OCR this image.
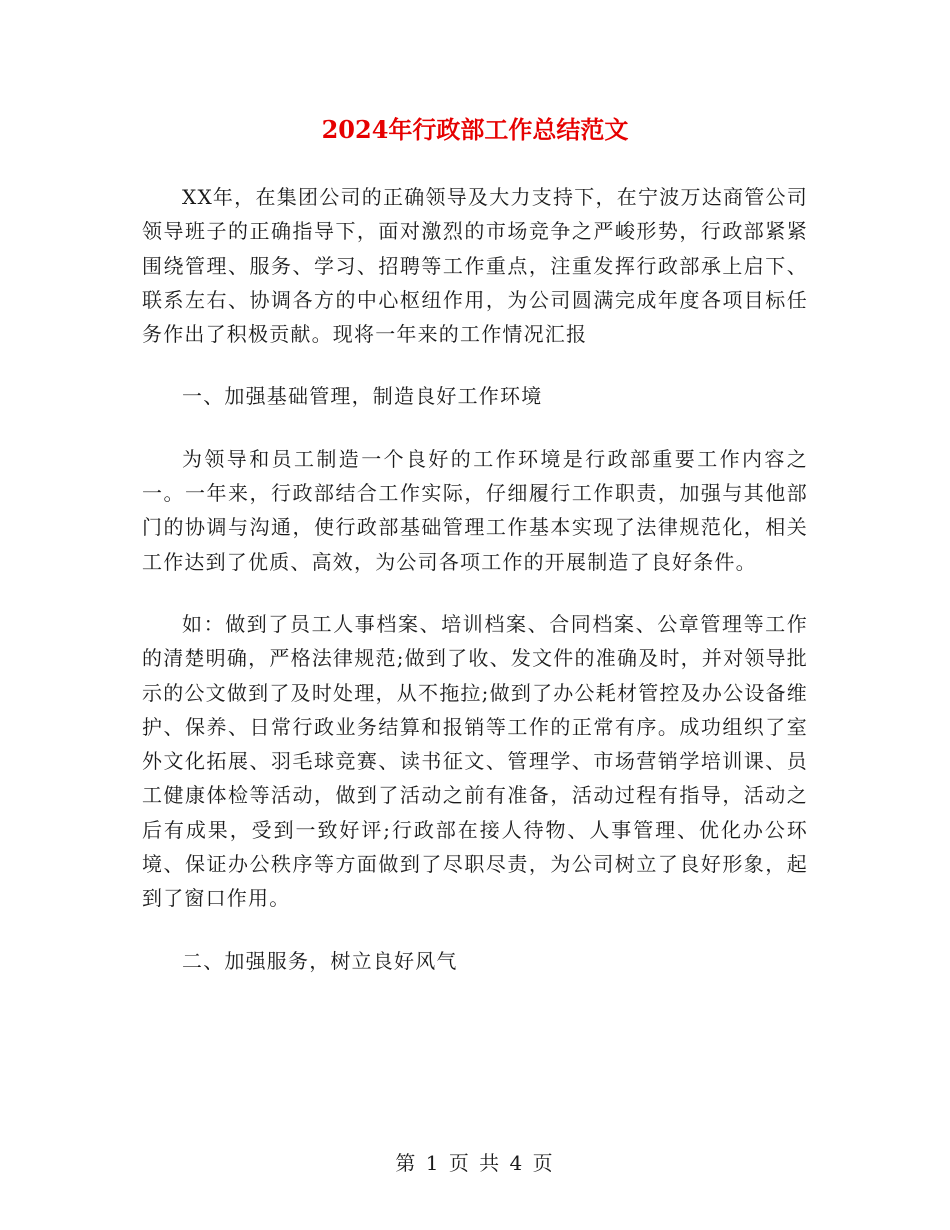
2024年行政部工作总结范文

XX年，在集团公司的正确领导及大力支持下，在宁波万达商管公司领导班子的正确指导下，面对激烈的市场竞争之严峻形势，行政部紧紧围绕管理、服务、学习、招聘等工作重点，注重发挥行政部承上启下、联系左右、协调各方的中心枢纽作用，为公司圆满完成年度各项目标任务作出了积极贡献。现将一年来的工作情况汇报

一、加强基础管理，制造良好工作环境

为领导和员工制造一个良好的工作环境是行政部重要工作内容之一。一年来，行政部结合工作实际，仔细履行工作职责，加强与其他部门的协调与沟通，使行政部基础管理工作基本实现了法律规范化，相关工作达到了优质、高效，为公司各项工作的开展制造了良好条件。

如：做到了员工人事档案、培训档案、合同档案、公章管理等工作的清楚明确，严格法律规范;做到了收、发文件的准确及时，并对领导批示的公文做到了及时处理，从不拖拉;做到了办公耗材管控及办公设备维护、保养、日常行政业务结算和报销等工作的正常有序。成功组织了室外文化拓展、羽毛球竞赛、读书征文、管理学、市场营销学培训课、员工健康体检等活动，做到了活动之前有准备，活动过程有指导，活动之后有成果，受到一致好评;行政部在接人待物、人事管理、优化办公环境、保证办公秩序等方面做到了尽职尽责，为公司树立了良好形象，起到了窗口作用。

二、加强服务，树立良好风气

第 1 页 共 4 页
